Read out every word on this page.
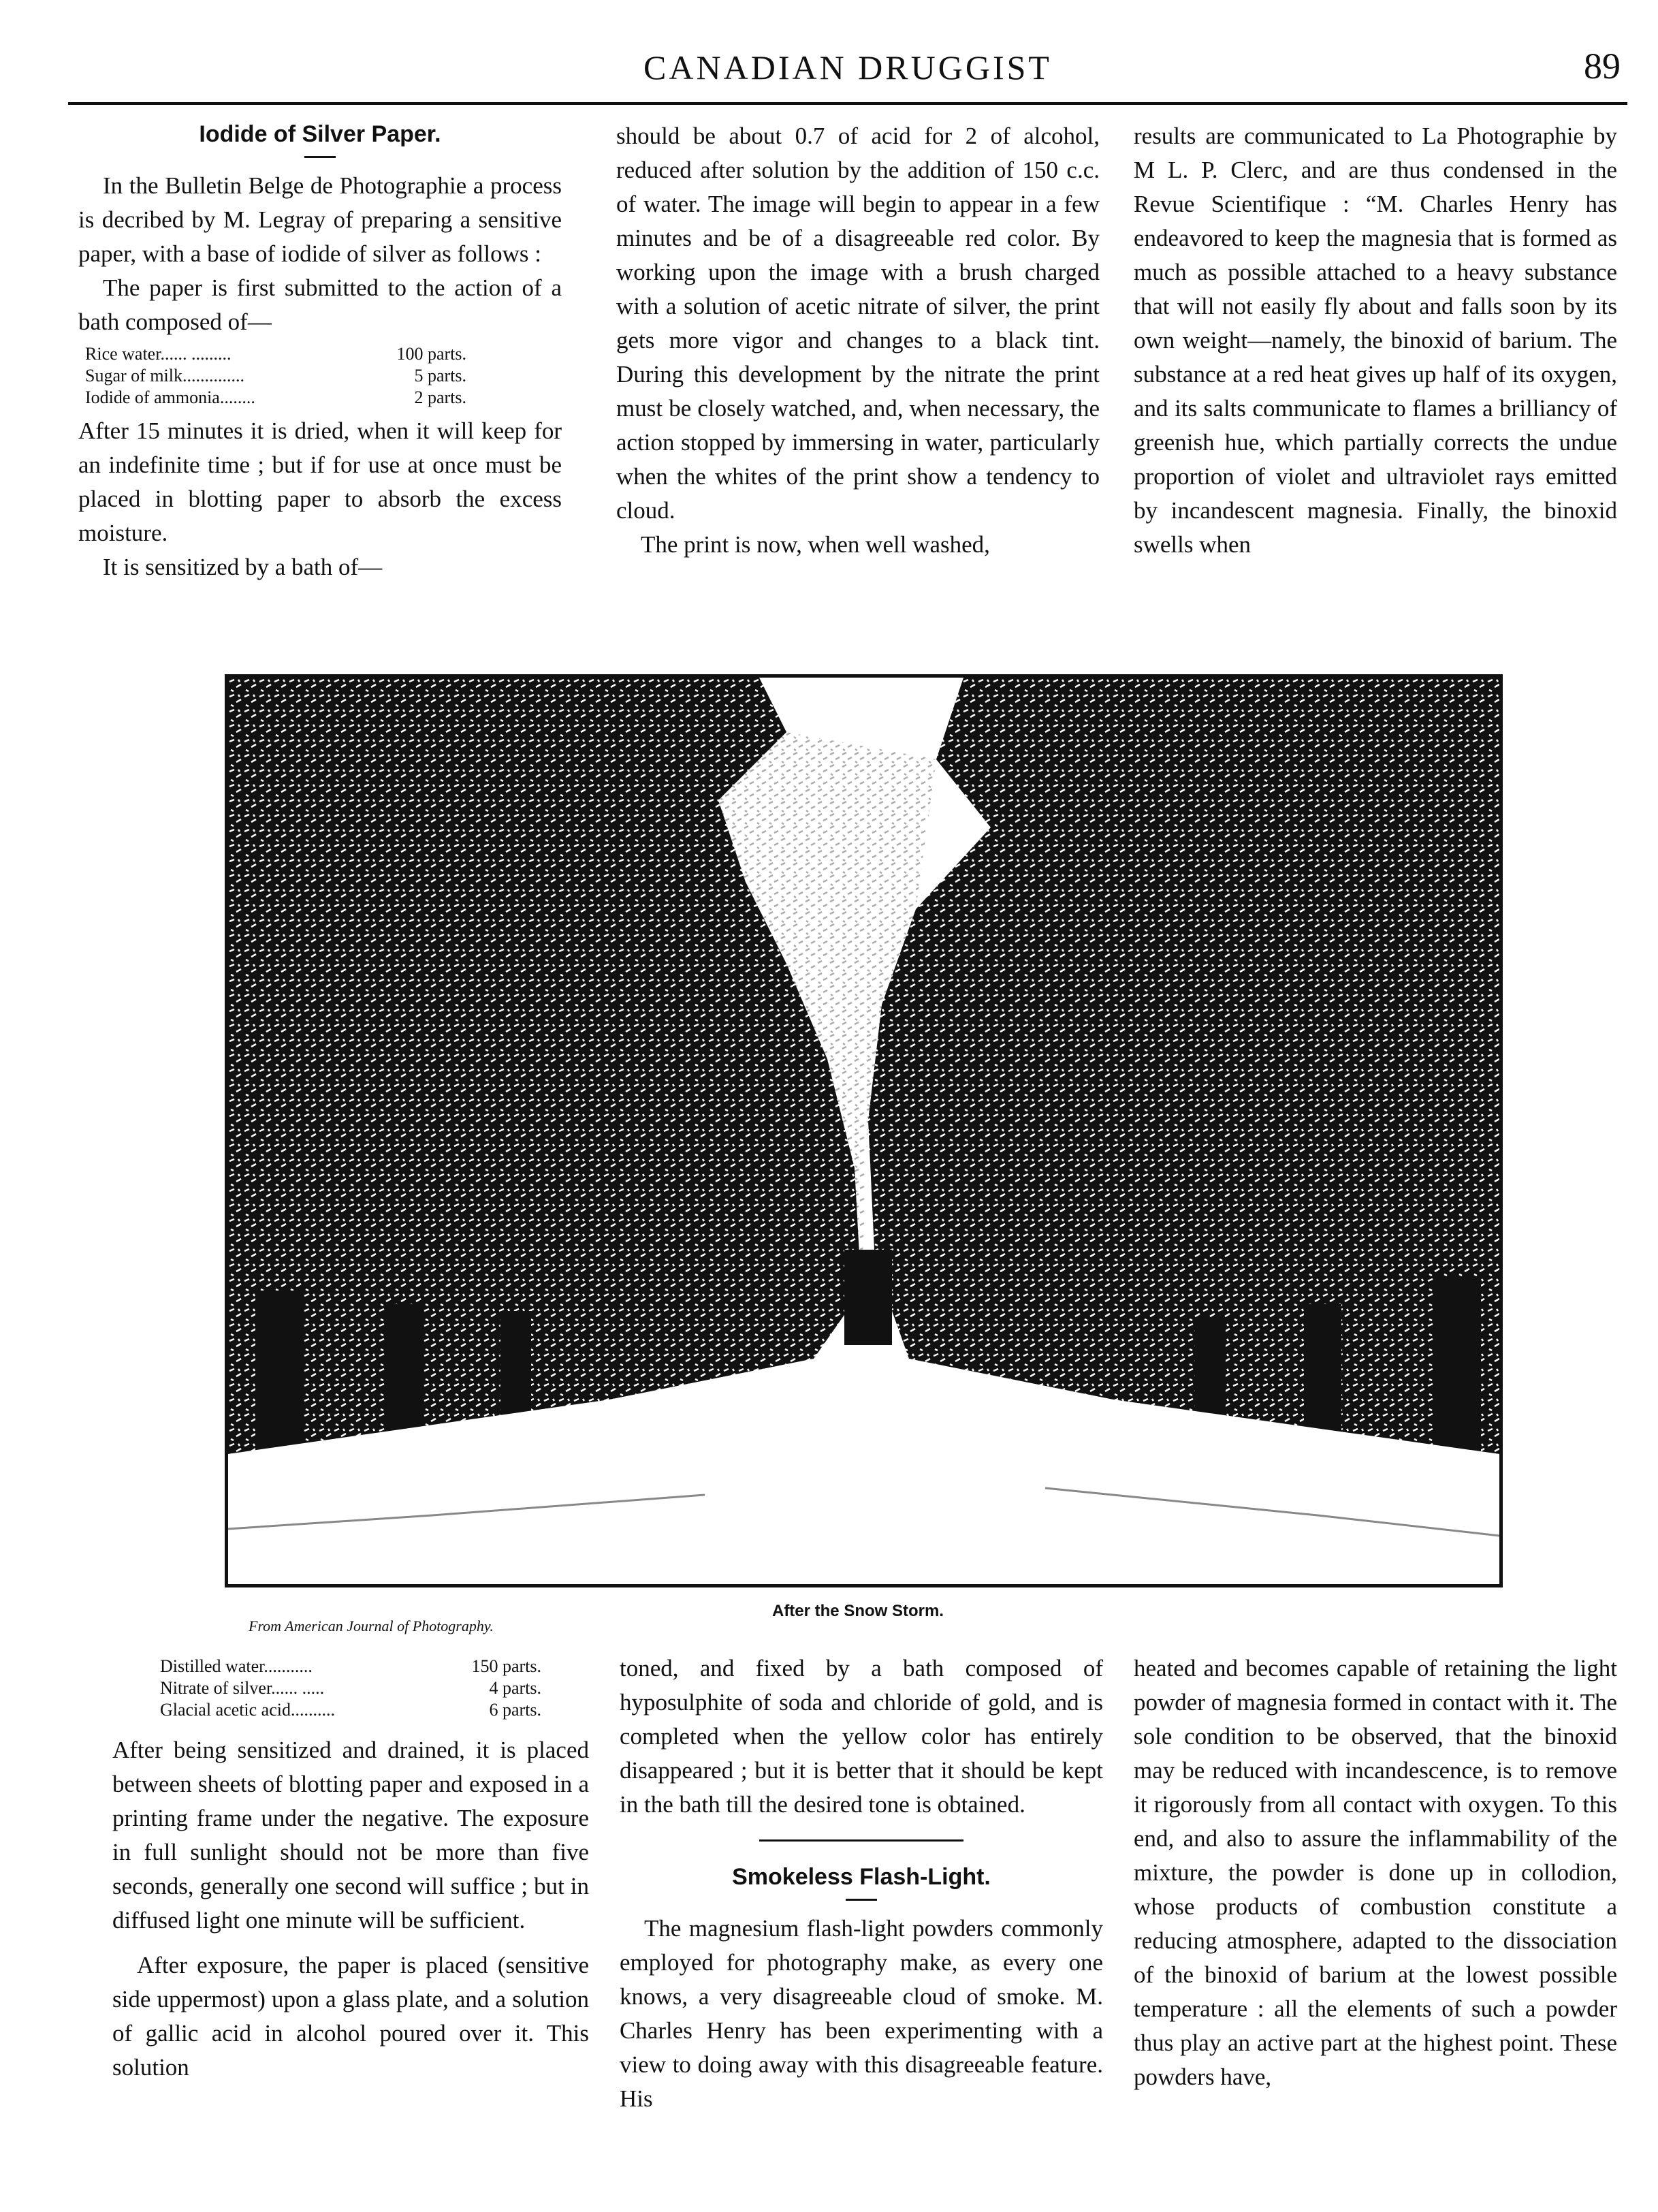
CANADIAN DRUGGIST	89
Iodide of Silver Paper.

In the Bulletin Belge de Photographie a process is decribed by M. Legray of preparing a sensitive paper, with a base of iodide of silver as follows :

The paper is first submitted to the action of a bath composed of—

Rice water...... .........	100 parts.
Sugar of milk..............	5 parts.
Iodide of ammonia........	2 parts.

After 15 minutes it is dried, when it will keep for an indefinite time ; but if for use at once must be placed in blotting paper to absorb the excess moisture.

It is sensitized by a bath of—

should be about 0.7 of acid for 2 of alcohol, reduced after solution by the addition of 150 c.c. of water. The image will begin to appear in a few minutes and be of a disagreeable red color. By working upon the image with a brush charged with a solution of acetic nitrate of silver, the print gets more vigor and changes to a black tint. During this development by the nitrate the print must be closely watched, and, when necessary, the action stopped by immersing in water, particularly when the whites of the print show a tendency to cloud.

The print is now, when well washed,

results are communicated to La Photographie by M L. P. Clerc, and are thus condensed in the Revue Scientifique : “M. Charles Henry has endeavored to keep the magnesia that is formed as much as possible attached to a heavy substance that will not easily fly about and falls soon by its own weight—namely, the binoxid of barium. The substance at a red heat gives up half of its oxygen, and its salts communicate to flames a brilliancy of greenish hue, which partially corrects the undue proportion of violet and ultraviolet rays emitted by incandescent magnesia. Finally, the binoxid swells when

After the Snow Storm.
From American Journal of Photography.
Distilled water...........	150 parts.
Nitrate of silver...... .....	4 parts.
Glacial acetic acid..........	6 parts.

After being sensitized and drained, it is placed between sheets of blotting paper and exposed in a printing frame under the negative. The exposure in full sunlight should not be more than five seconds, generally one second will suffice ; but in diffused light one minute will be sufficient.

After exposure, the paper is placed (sensitive side uppermost) upon a glass plate, and a solution of gallic acid in alcohol poured over it. This solution

toned, and fixed by a bath composed of hyposulphite of soda and chloride of gold, and is completed when the yellow color has entirely disappeared ; but it is better that it should be kept in the bath till the desired tone is obtained.

Smokeless Flash-Light.

The magnesium flash-light powders commonly employed for photography make, as every one knows, a very disagreeable cloud of smoke. M. Charles Henry has been experimenting with a view to doing away with this disagreeable feature. His

heated and becomes capable of retaining the light powder of magnesia formed in contact with it. The sole condition to be observed, that the binoxid may be reduced with incandescence, is to remove it rigorously from all contact with oxygen. To this end, and also to assure the inflammability of the mixture, the powder is done up in collodion, whose products of combustion constitute a reducing atmosphere, adapted to the dissociation of the binoxid of barium at the lowest possible temperature : all the elements of such a powder thus play an active part at the highest point. These powders have,
